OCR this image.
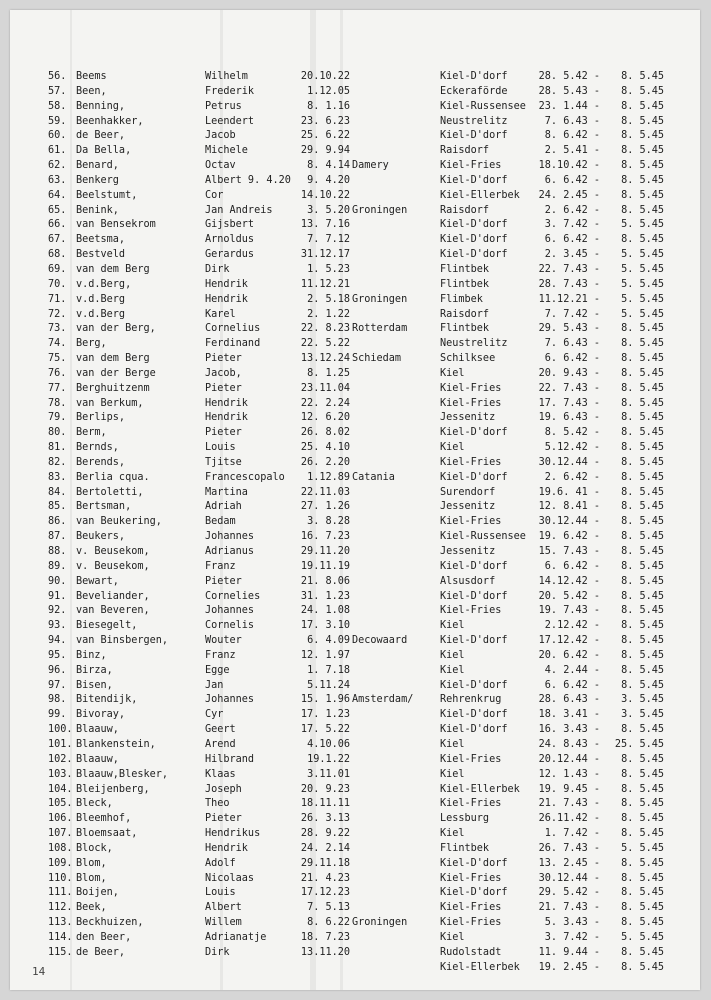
56. Beems	Wilhelm	20.10.22	Kiel-D'dorf	28. 5.42 -	8. 5.45
57. Been,	Frederik	1.12.05	Eckeraförde	28. 5.43 -	8. 5.45
58. Benning,	Petrus	8. 1.16	Kiel-Russensee	23. 1.44 -	8. 5.45
59. Beenhakker,	Leendert	23. 6.23	Neustrelitz	7. 6.43 -	8. 5.45
60. de Beer,	Jacob	25. 6.22	Kiel-D'dorf	8. 6.42 -	8. 5.45
61. Da Bella,	Michele	29. 9.94	Raisdorf	2. 5.41 -	8. 5.45
62. Benard,	Octav	8. 4.14 Damery	Kiel-Fries	18.10.42 -	8. 5.45
63. Benkerg	Albert 9. 4.20	9. 4.20	Kiel-D'dorf	6. 6.42 -	8. 5.45
64. Beelstumt,	Cor	14.10.22	Kiel-Ellerbek	24. 2.45 -	8. 5.45
65. Benink,	Jan Andreis	3. 5.20 Groningen	Raisdorf	2. 6.42 -	8. 5.45
66. van Bensekrom	Gijsbert	13. 7.16	Kiel-D'dorf	3. 7.42 -	5. 5.45
67. Beetsma,	Arnoldus	7. 7.12	Kiel-D'dorf	6. 6.42 -	8. 5.45
68. Bestveld	Gerardus	31.12.17	Kiel-D'dorf	2. 3.45 -	5. 5.45
69. van dem Berg	Dirk	1. 5.23	Flintbek	22. 7.43 -	5. 5.45
70. v.d.Berg,	Hendrik	11.12.21	Flintbek	28. 7.43 -	5. 5.45
71. v.d.Berg	Hendrik	2. 5.18 Groningen	Flimbek	11.12.21 -	5. 5.45
72. v.d.Berg	Karel	2. 1.22	Raisdorf	7. 7.42 -	5. 5.45
73. van der Berg,	Cornelius	22. 8.23 Rotterdam	Flintbek	29. 5.43 -	8. 5.45
74. Berg,	Ferdinand	22. 5.22	Neustrelitz	7. 6.43 -	8. 5.45
75. van dem Berg	Pieter	13.12.24 Schiedam	Schilksee	6. 6.42 -	8. 5.45
76. van der Berge	Jacob,	8. 1.25	Kiel	20. 9.43 -	8. 5.45
77. Berghuitzenm	Pieter	23.11.04	Kiel-Fries	22. 7.43 -	8. 5.45
78. van Berkum,	Hendrik	22. 2.24	Kiel-Fries	17. 7.43 -	8. 5.45
79. Berlips,	Hendrik	12. 6.20	Jessenitz	19. 6.43 -	8. 5.45
80. Berm,	Pieter	26. 8.02	Kiel-D'dorf	8. 5.42 -	8. 5.45
81. Bernds,	Louis	25. 4.10	Kiel	5.12.42 -	8. 5.45
82. Berends,	Tjitse	26. 2.20	Kiel-Fries	30.12.44 -	8. 5.45
83. Berlia cqua.	Francescopalo	1.12.89 Catania	Kiel-D'dorf	2. 6.42 -	8. 5.45
84. Bertoletti,	Martina	22.11.03	Surendorf	19.6. 41 -	8. 5.45
85. Bertsman,	Adriah	27. 1.26	Jessenitz	12. 8.41 -	8. 5.45
86. van Beukering,	Bedam	3. 8.28	Kiel-Fries	30.12.44 -	8. 5.45
87. Beukers,	Johannes	16. 7.23	Kiel-Russensee	19. 6.42 -	8. 5.45
88. v. Beusekom,	Adrianus	29.11.20	Jessenitz	15. 7.43 -	8. 5.45
89. v. Beusekom,	Franz	19.11.19	Kiel-D'dorf	6. 6.42 -	8. 5.45
90. Bewart,	Pieter	21. 8.06	Alsusdorf	14.12.42 -	8. 5.45
91. Beveliander,	Cornelies	31. 1.23	Kiel-D'dorf	20. 5.42 -	8. 5.45
92. van Beveren,	Johannes	24. 1.08	Kiel-Fries	19. 7.43 -	8. 5.45
93. Biesegelt,	Cornelis	17. 3.10	Kiel	2.12.42 -	8. 5.45
94. van Binsbergen,	Wouter	6. 4.09 Decowaard	Kiel-D'dorf	17.12.42 -	8. 5.45
95. Binz,	Franz	12. 1.97	Kiel	20. 6.42 -	8. 5.45
96. Birza,	Egge	1. 7.18	Kiel	4. 2.44 -	8. 5.45
97. Bisen,	Jan	5.11.24	Kiel-D'dorf	6. 6.42 -	8. 5.45
98. Bitendijk,	Johannes	15. 1.96 Amsterdam/	Rehrenkrug	28. 6.43 -	3. 5.45
99. Bivoray,	Cyr	17. 1.23	Kiel-D'dorf	18. 3.41 -	3. 5.45
100. Blaauw,	Geert	17. 5.22	Kiel-D'dorf	16. 3.43 -	8. 5.45
101. Blankenstein,	Arend	4.10.06	Kiel	24. 8.43 -	25. 5.45
102. Blaauw,	Hilbrand	19.1.22	Kiel-Fries	20.12.44 -	8. 5.45
103. Blaauw,Blesker,	Klaas	3.11.01	Kiel	12. 1.43 -	8. 5.45
104. Bleijenberg,	Joseph	20. 9.23	Kiel-Ellerbek	19. 9.45 -	8. 5.45
105. Bleck,	Theo	18.11.11	Kiel-Fries	21. 7.43 -	8. 5.45
106. Bleemhof,	Pieter	26. 3.13	Lessburg	26.11.42 -	8. 5.45
107. Bloemsaat,	Hendrikus	28. 9.22	Kiel	1. 7.42 -	8. 5.45
108. Block,	Hendrik	24. 2.14	Flintbek	26. 7.43 -	5. 5.45
109. Blom,	Adolf	29.11.18	Kiel-D'dorf	13. 2.45 -	8. 5.45
110. Blom,	Nicolaas	21. 4.23	Kiel-Fries	30.12.44 -	8. 5.45
111. Boijen,	Louis	17.12.23	Kiel-D'dorf	29. 5.42 -	8. 5.45
112. Beek,	Albert	7. 5.13	Kiel-Fries	21. 7.43 -	8. 5.45
113. Beckhuizen,	Willem	8. 6.22 Groningen	Kiel-Fries	5. 3.43 -	8. 5.45
114. den Beer,	Adrianatje	18. 7.23	Kiel	3. 7.42 -	5. 5.45
115. de Beer,	Dirk	13.11.20	Rudolstadt	11. 9.44 -	8. 5.45
Kiel-Ellerbek	19. 2.45 -	8. 5.45
14
